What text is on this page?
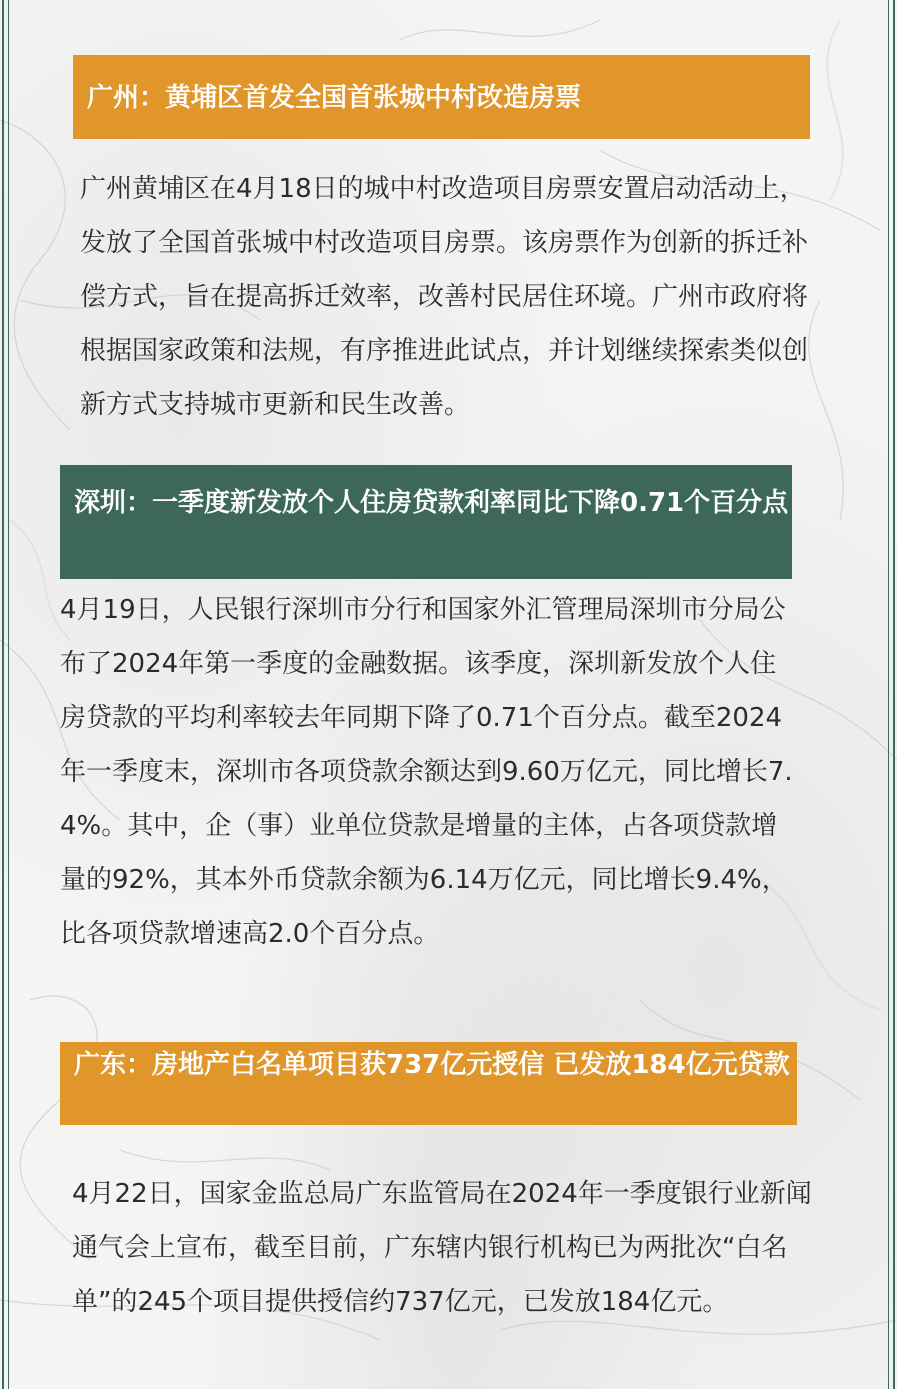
广州：黄埔区首发全国首张城中村改造房票
广州黄埔区在4月18日的城中村改造项目房票安置启动活动上，发放了全国首张城中村改造项目房票。该房票作为创新的拆迁补偿方式，旨在提高拆迁效率，改善村民居住环境。广州市政府将根据国家政策和法规，有序推进此试点，并计划继续探索类似创新方式支持城市更新和民生改善。
深圳：一季度新发放个人住房贷款利率同比下降0.71个百分点
4月19日，人民银行深圳市分行和国家外汇管理局深圳市分局公布了2024年第一季度的金融数据。该季度，深圳新发放个人住房贷款的平均利率较去年同期下降了0.71个百分点。截至2024年一季度末，深圳市各项贷款余额达到9.60万亿元，同比增长7.4%。其中，企（事）业单位贷款是增量的主体，占各项贷款增量的92%，其本外币贷款余额为6.14万亿元，同比增长9.4%，比各项贷款增速高2.0个百分点。
广东：房地产白名单项目获737亿元授信 已发放184亿元贷款
4月22日，国家金监总局广东监管局在2024年一季度银行业新闻通气会上宣布，截至目前，广东辖内银行机构已为两批次“白名单”的245个项目提供授信约737亿元，已发放184亿元。
